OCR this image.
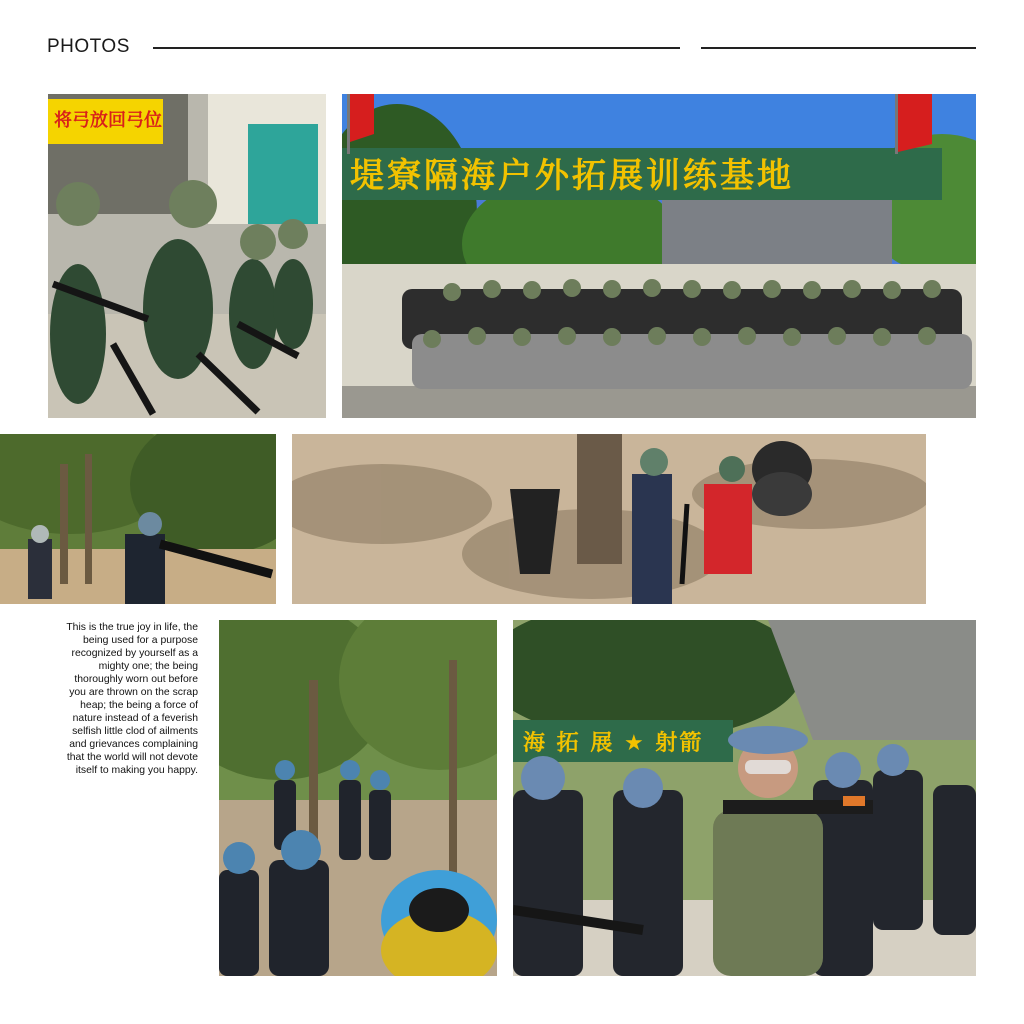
PHOTOS
将弓放回弓位
堤寮隔海户外拓展训练基地
This is the true joy in life, the being used for a purpose recognized by yourself as a mighty one; the being thoroughly worn out before you are thrown on the scrap heap; the being a force of nature instead of a feverish selfish little clod of ailments and grievances complaining that the world will not devote itself to making you happy.
海 拓 展 ★ 射箭
